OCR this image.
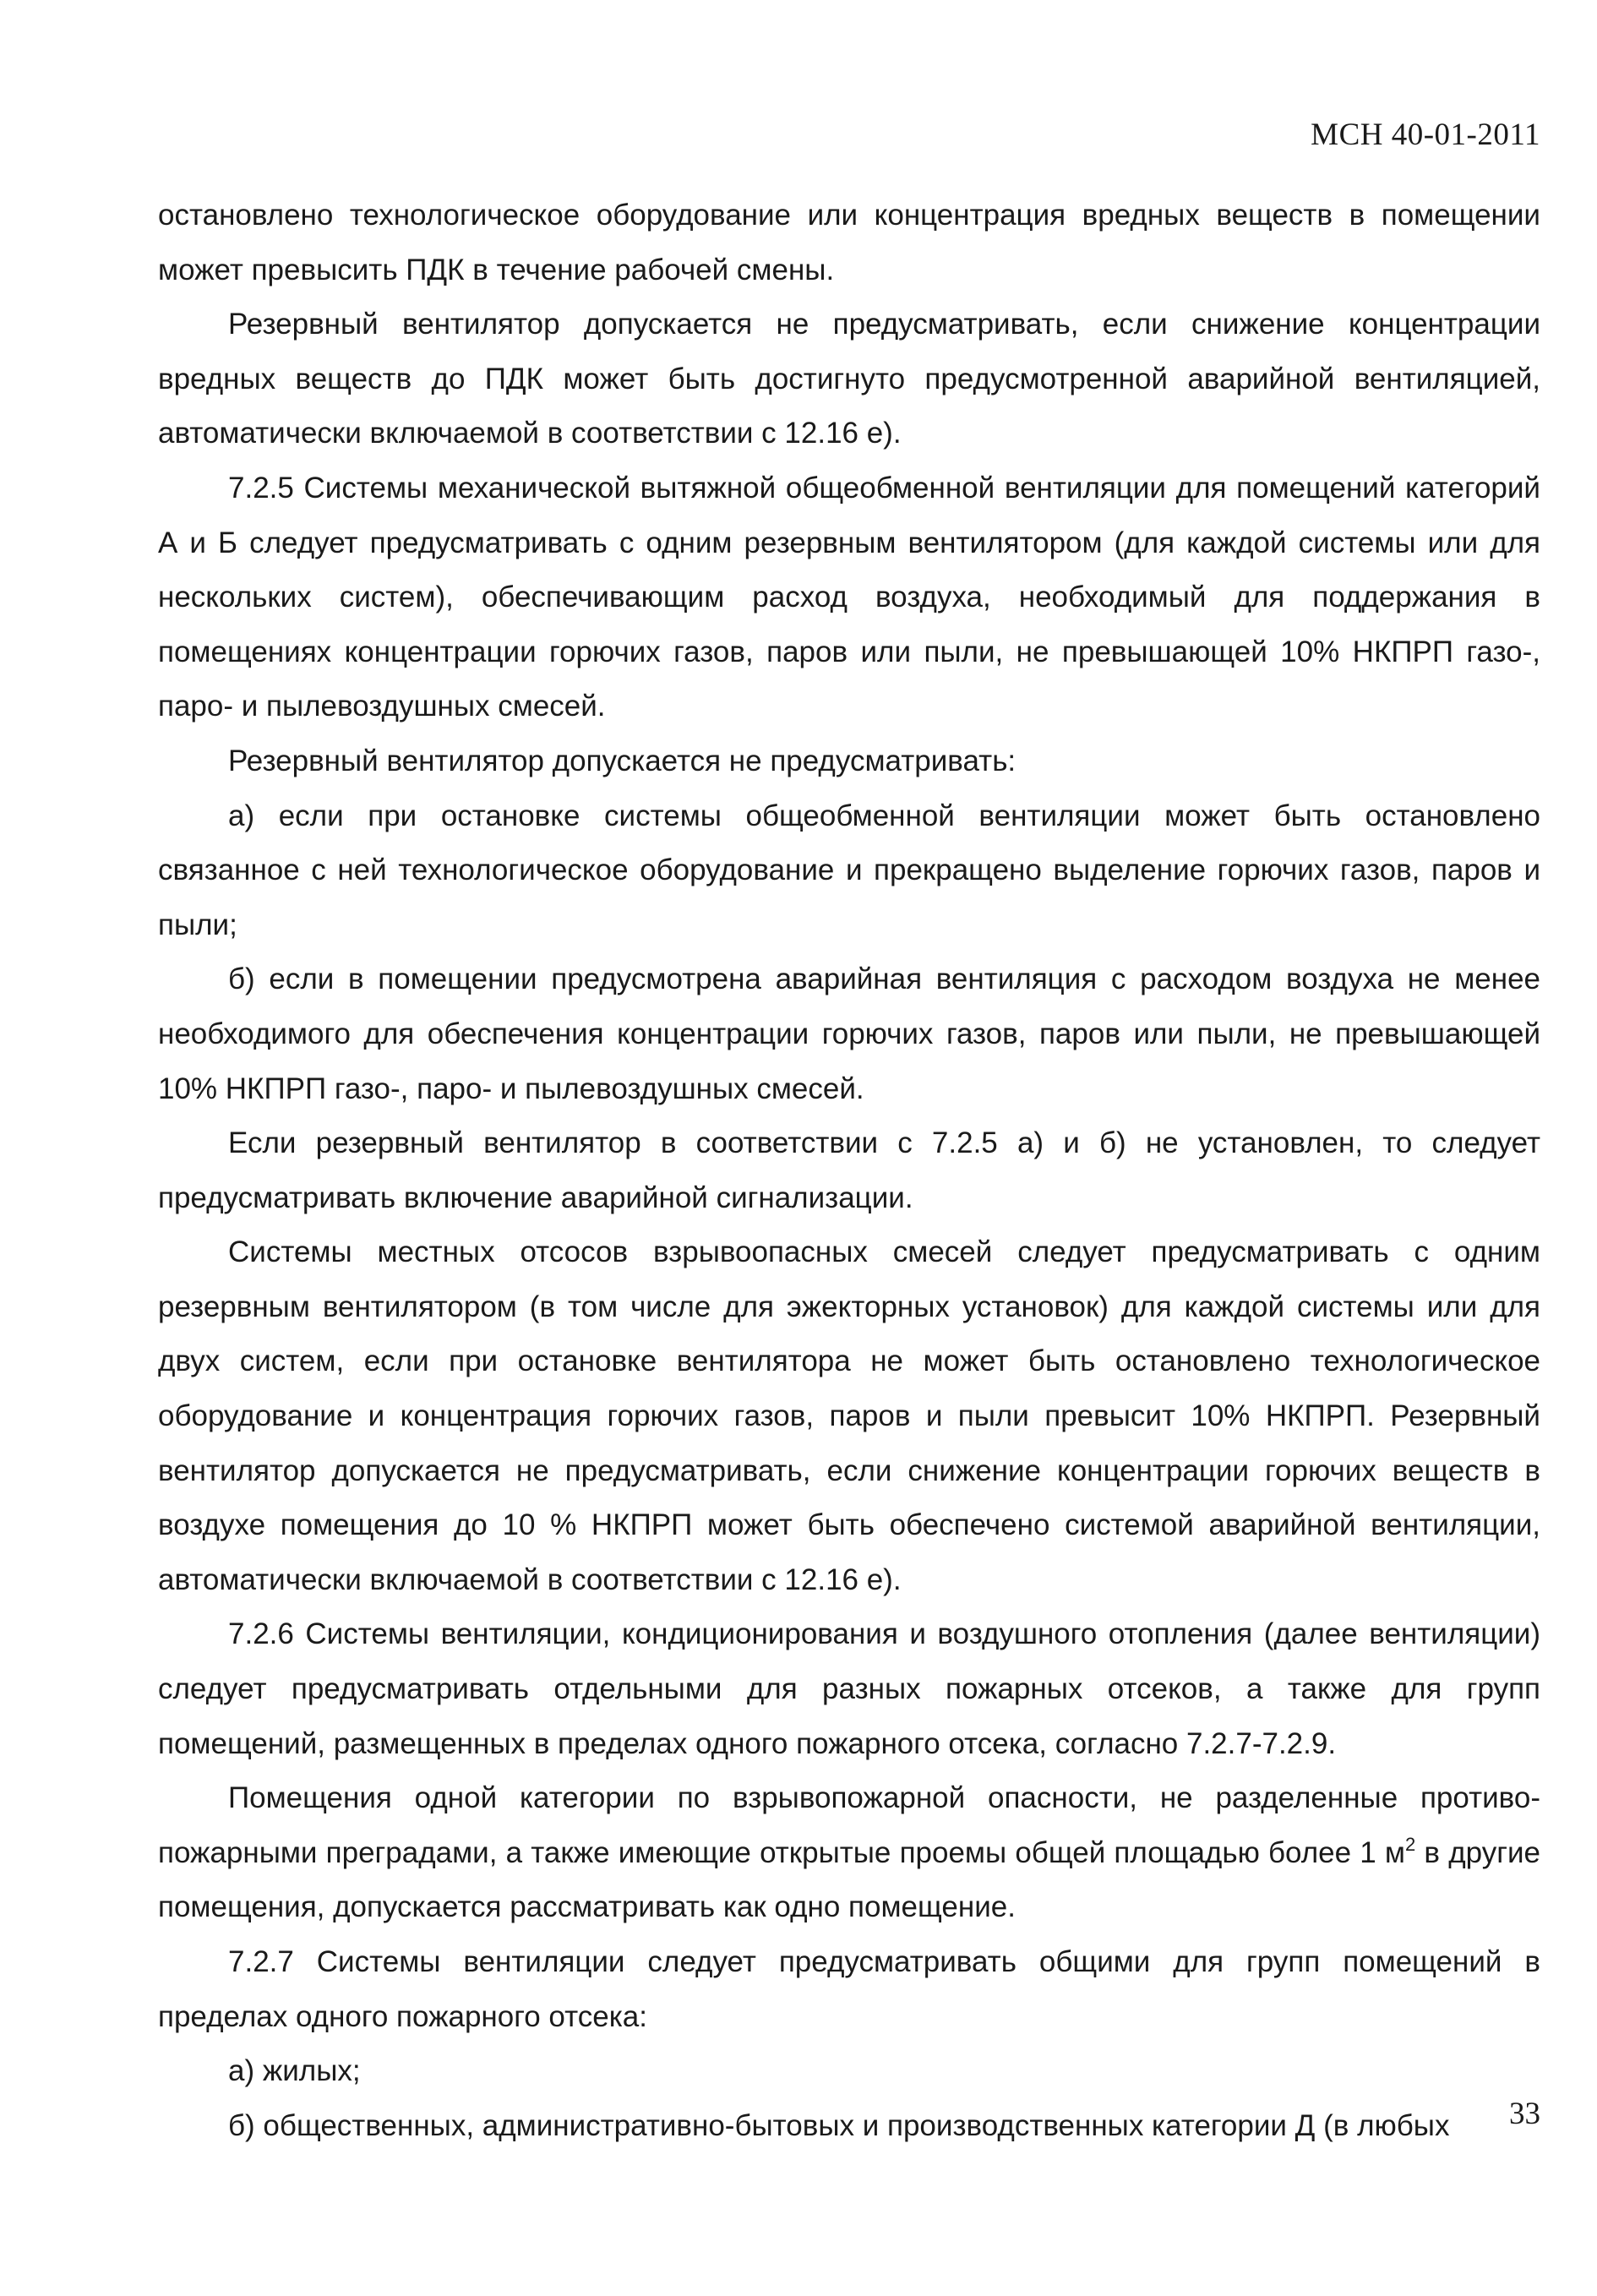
МСН 40-01-2011

остановлено технологическое оборудование или концентрация вредных веществ в помещении может превысить ПДК в течение рабочей смены.

Резервный вентилятор допускается не предусматривать, если снижение концентрации вредных веществ до ПДК может быть достигнуто предусмотренной аварийной вентиляцией, автоматически включаемой в соответствии с 12.16 е).

7.2.5 Системы механической вытяжной общеобменной вентиляции для помещений категорий А и Б следует предусматривать с одним резервным вентилятором (для каждой системы или для нескольких систем), обеспечивающим расход воздуха, необходимый для поддержания в помещениях концентрации горючих газов, паров или пыли, не превышающей 10% НКПРП газо-, паро- и пылевоздушных смесей.

Резервный вентилятор допускается не предусматривать:

а) если при остановке системы общеобменной вентиляции может быть остановлено связанное с ней технологическое оборудование и прекращено выделение горючих газов, паров и пыли;

б) если в помещении предусмотрена аварийная вентиляция с расходом воздуха не менее необходимого для обеспечения концентрации горючих газов, паров или пыли, не превышающей 10% НКПРП газо-, паро- и пылевоздушных смесей.

Если резервный вентилятор в соответствии с 7.2.5 а) и б) не установлен, то следует предусматривать включение аварийной сигнализации.

Системы местных отсосов взрывоопасных смесей следует предусматривать с одним резервным вентилятором (в том числе для эжекторных установок) для каждой системы или для двух систем, если при остановке вентилятора не может быть остановлено технологическое оборудование и концентрация горючих газов, паров и пыли превысит 10% НКПРП. Резервный вентилятор допускается не предусматривать, если снижение концентрации горючих веществ в воздухе помещения до 10 % НКПРП может быть обеспечено системой аварийной вентиляции, автоматически включаемой в соответствии с 12.16 е).

7.2.6 Системы вентиляции, кондиционирования и воздушного отопления (далее вентиляции) следует предусматривать отдельными для разных пожарных отсеков, а также для групп помещений, размещенных в пределах одного пожарного отсека, согласно 7.2.7-7.2.9.

Помещения одной категории по взрывопожарной опасности, не разделенные противопожарными преградами, а также имеющие открытые проемы общей площадью более 1 $м^2$ в другие помещения, допускается рассматривать как одно помещение.

7.2.7 Системы вентиляции следует предусматривать общими для групп помещений в пределах одного пожарного отсека:

а) жилых;

б) общественных, административно-бытовых и производственных категории Д (в любых	33
